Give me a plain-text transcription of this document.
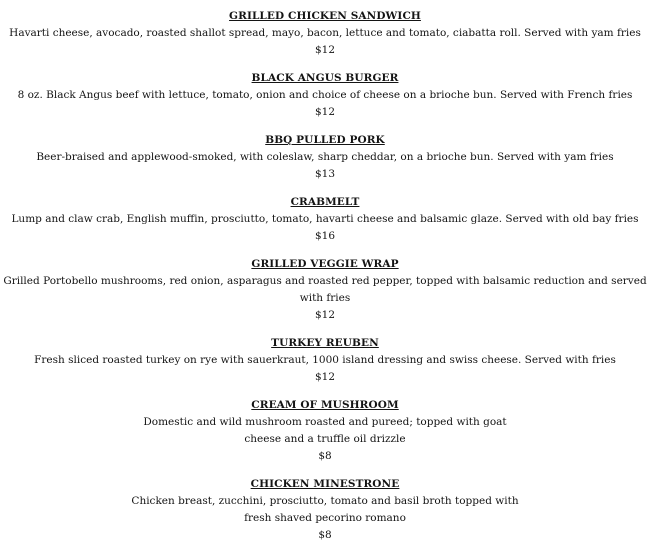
GRILLED CHICKEN SANDWICH
Havarti cheese, avocado, roasted shallot spread, mayo, bacon, lettuce and tomato, ciabatta roll. Served with yam fries
$12
BLACK ANGUS BURGER
8 oz. Black Angus beef with lettuce, tomato, onion and choice of cheese on a brioche bun. Served with French fries
$12
BBQ PULLED PORK
Beer-braised and applewood-smoked, with coleslaw, sharp cheddar, on a brioche bun. Served with yam fries
$13
CRABMELT
Lump and claw crab, English muffin, prosciutto, tomato, havarti cheese and balsamic glaze. Served with old bay fries
$16
GRILLED VEGGIE WRAP
Grilled Portobello mushrooms, red onion, asparagus and roasted red pepper, topped with balsamic reduction and served with fries
$12
TURKEY REUBEN
Fresh sliced roasted turkey on rye with sauerkraut, 1000 island dressing and swiss cheese. Served with fries
$12
CREAM OF MUSHROOM
Domestic and wild mushroom roasted and pureed; topped with goat
cheese and a truffle oil drizzle
$8
CHICKEN MINESTRONE
Chicken breast, zucchini, prosciutto, tomato and basil broth topped with
fresh shaved pecorino romano
$8
